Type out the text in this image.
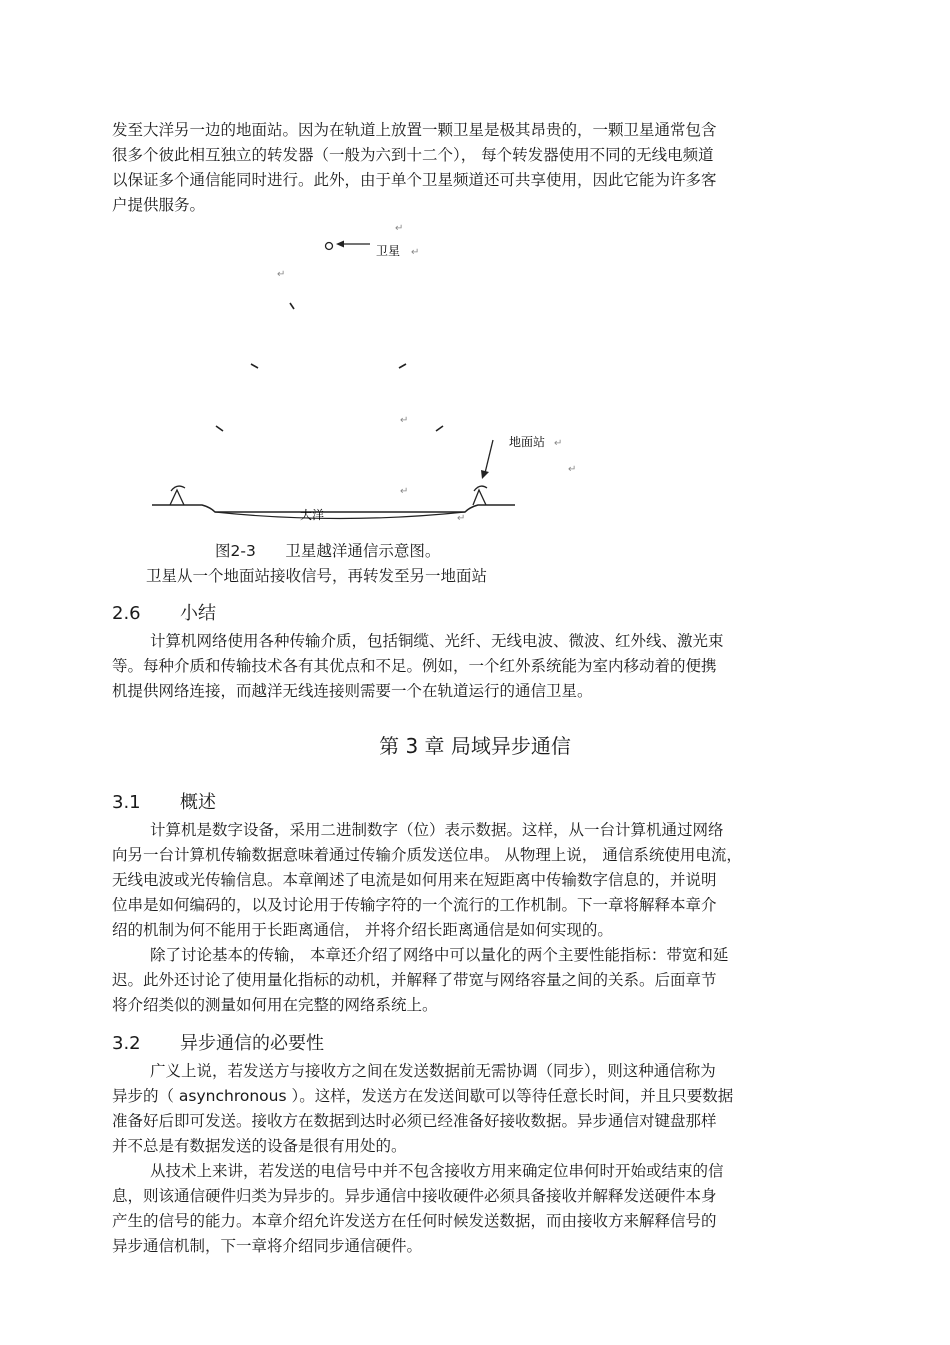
发至大洋另一边的地面站。因为在轨道上放置一颗卫星是极其昂贵的，一颗卫星通常包含
很多个彼此相互独立的转发器（一般为六到十二个）， 每个转发器使用不同的无线电频道
以保证多个通信能同时进行。此外，由于单个卫星频道还可共享使用，因此它能为许多客
户提供服务。
卫星 ↵
↵
↵
↵
地面站 ↵
↵
↵
大洋	↵
图2-3 卫星越洋通信示意图。
卫星从一个地面站接收信号，再转发至另一地面站
2.6 小结
计算机网络使用各种传输介质，包括铜缆、光纤、无线电波、微波、红外线、激光束
等。每种介质和传输技术各有其优点和不足。例如，一个红外系统能为室内移动着的便携
机提供网络连接，而越洋无线连接则需要一个在轨道运行的通信卫星。
第 3 章 局域异步通信
3.1 概述
计算机是数字设备，采用二进制数字（位）表示数据。这样，从一台计算机通过网络
向另一台计算机传输数据意味着通过传输介质发送位串。 从物理上说， 通信系统使用电流，
无线电波或光传输信息。本章阐述了电流是如何用来在短距离中传输数字信息的，并说明
位串是如何编码的，以及讨论用于传输字符的一个流行的工作机制。下一章将解释本章介
绍的机制为何不能用于长距离通信， 并将介绍长距离通信是如何实现的。
除了讨论基本的传输， 本章还介绍了网络中可以量化的两个主要性能指标：带宽和延
迟。此外还讨论了使用量化指标的动机，并解释了带宽与网络容量之间的关系。后面章节
将介绍类似的测量如何用在完整的网络系统上。
3.2 异步通信的必要性
广义上说，若发送方与接收方之间在发送数据前无需协调（同步），则这种通信称为
异步的（ asynchronous ）。这样，发送方在发送间歇可以等待任意长时间，并且只要数据
准备好后即可发送。接收方在数据到达时必须已经准备好接收数据。异步通信对键盘那样
并不总是有数据发送的设备是很有用处的。
从技术上来讲，若发送的电信号中并不包含接收方用来确定位串何时开始或结束的信
息，则该通信硬件归类为异步的。异步通信中接收硬件必须具备接收并解释发送硬件本身
产生的信号的能力。本章介绍允许发送方在任何时候发送数据，而由接收方来解释信号的
异步通信机制，下一章将介绍同步通信硬件。
